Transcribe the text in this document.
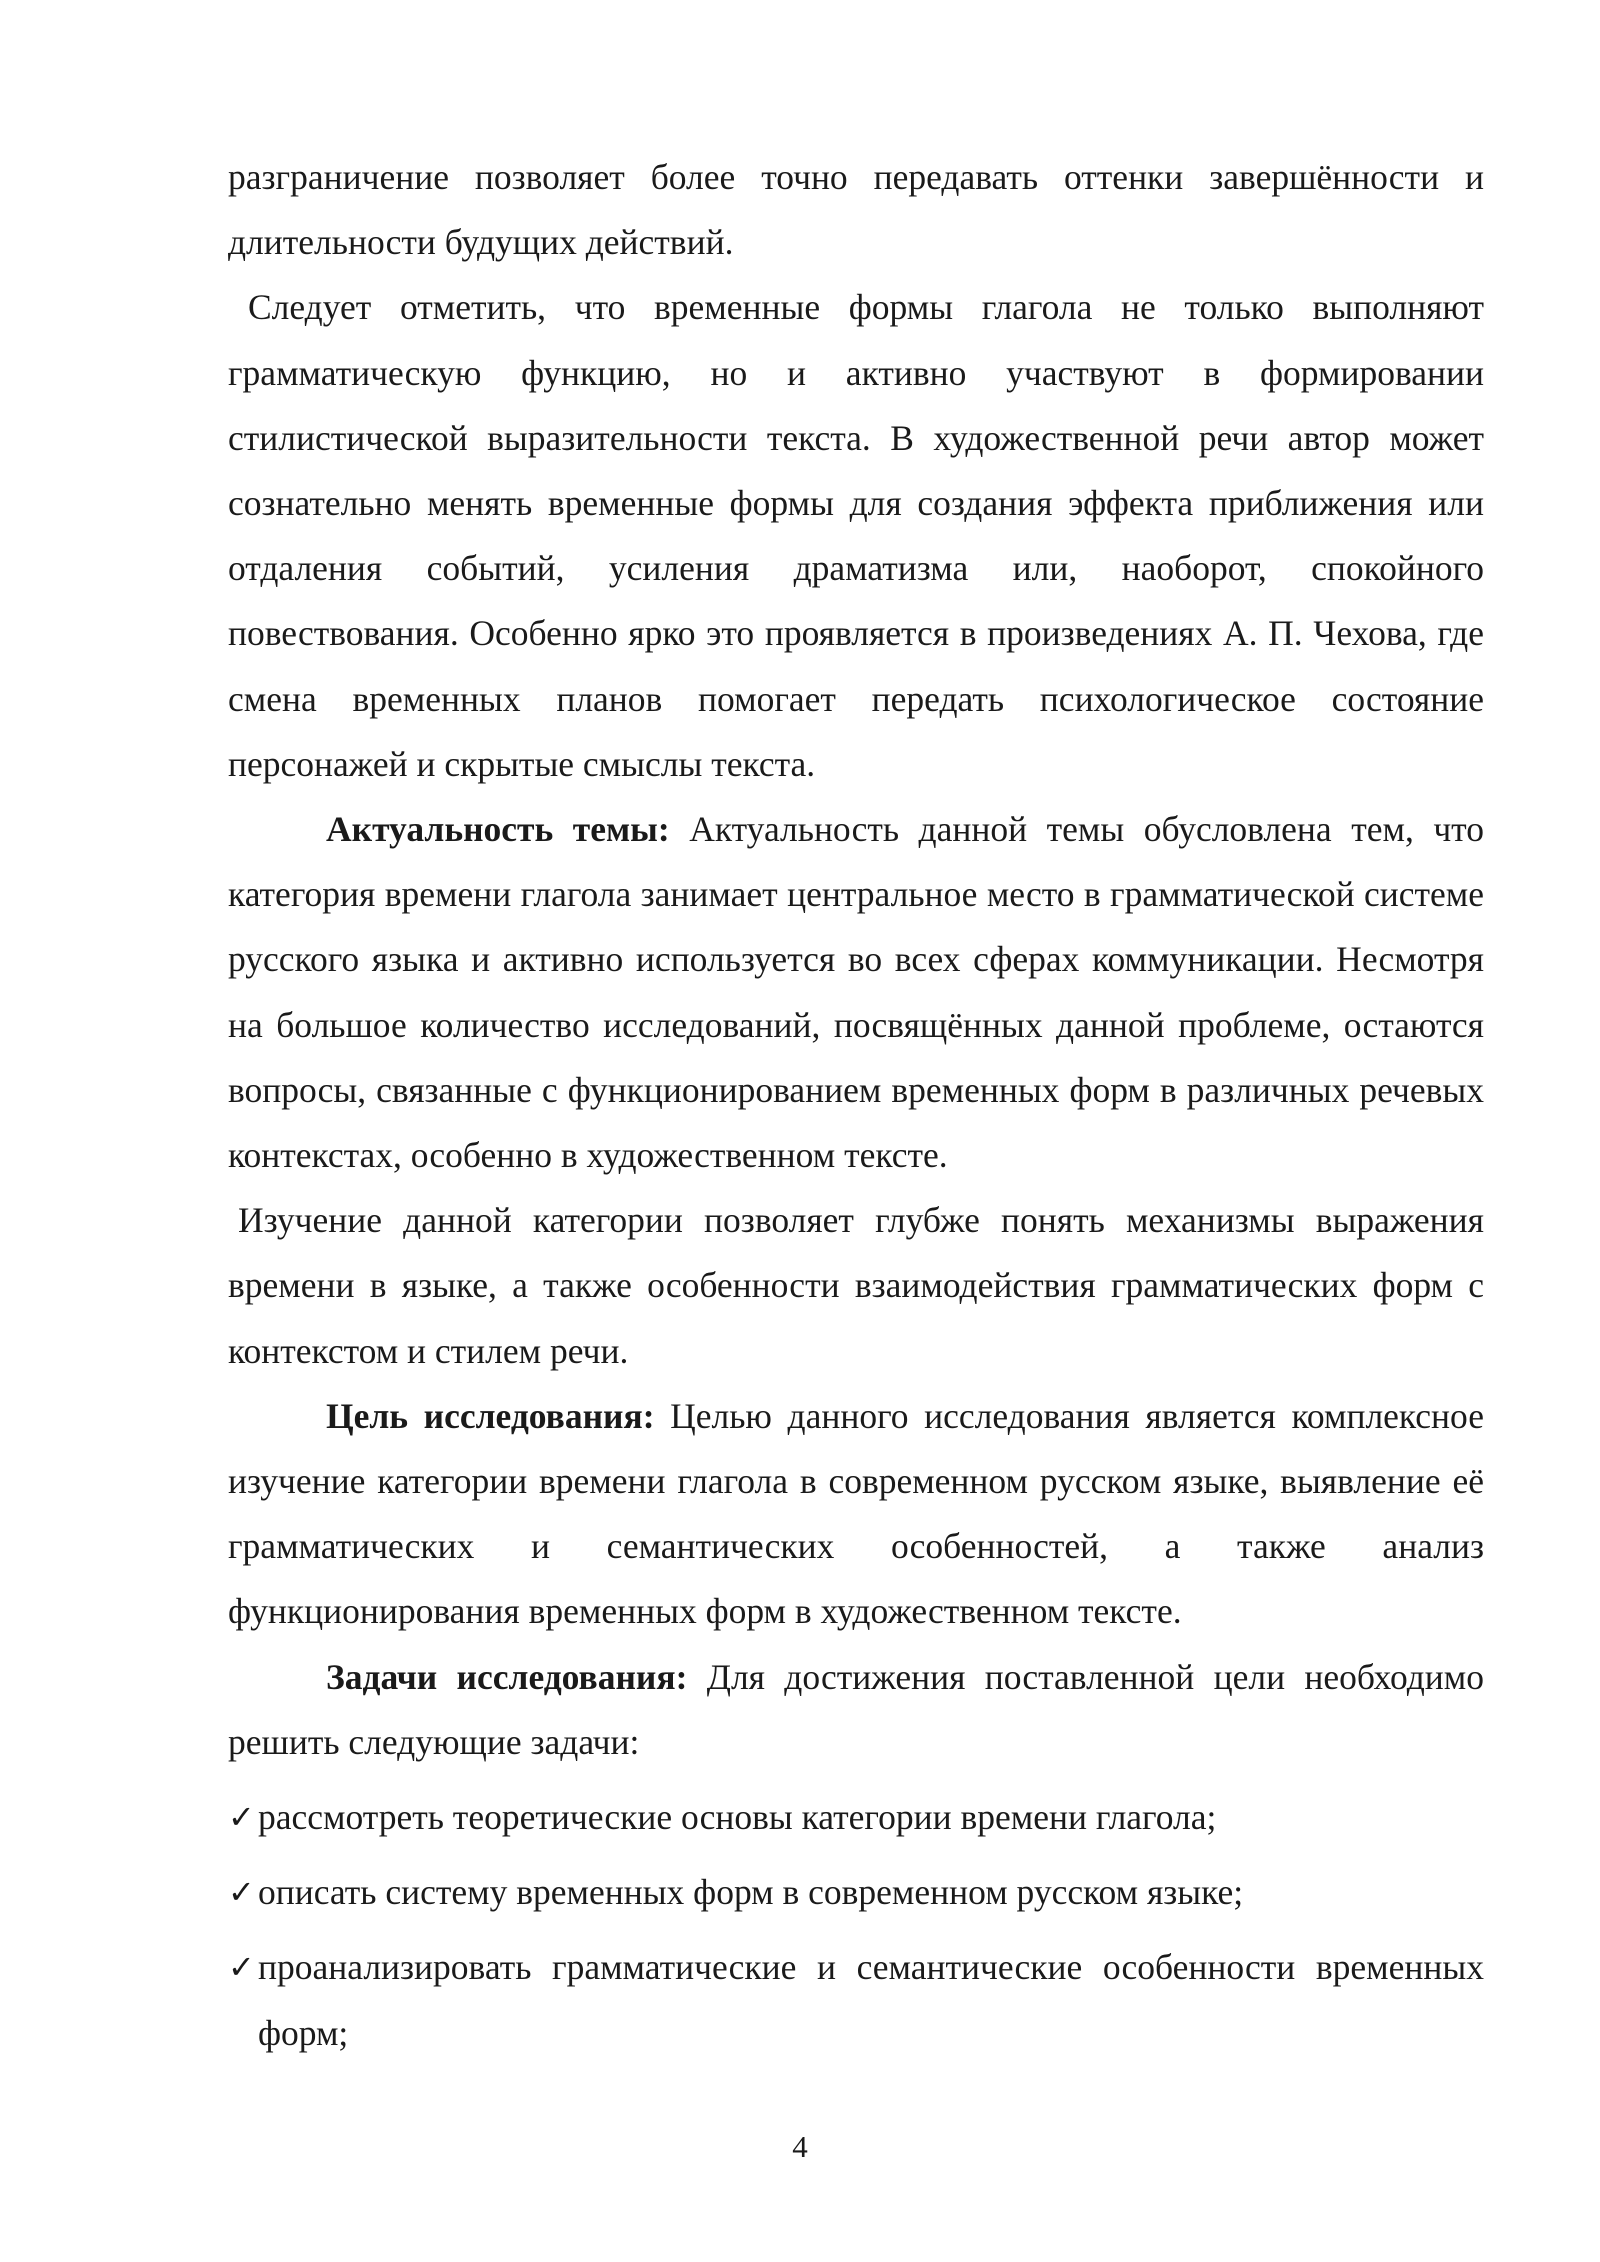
разграничение позволяет более точно передавать оттенки завершённости и длительности будущих действий.

Следует отметить, что временные формы глагола не только выполняют грамматическую функцию, но и активно участвуют в формировании стилистической выразительности текста. В художественной речи автор может сознательно менять временные формы для создания эффекта приближения или отдаления событий, усиления драматизма или, наоборот, спокойного повествования. Особенно ярко это проявляется в произведениях А. П. Чехова, где смена временных планов помогает передать психологическое состояние персонажей и скрытые смыслы текста.

Актуальность темы: Актуальность данной темы обусловлена тем, что категория времени глагола занимает центральное место в грамматической системе русского языка и активно используется во всех сферах коммуникации. Несмотря на большое количество исследований, посвящённых данной проблеме, остаются вопросы, связанные с функционированием временных форм в различных речевых контекстах, особенно в художественном тексте.

Изучение данной категории позволяет глубже понять механизмы выражения времени в языке, а также особенности взаимодействия грамматических форм с контекстом и стилем речи.

Цель исследования: Целью данного исследования является комплексное изучение категории времени глагола в современном русском языке, выявление её грамматических и семантических особенностей, а также анализ функционирования временных форм в художественном тексте.

Задачи исследования: Для достижения поставленной цели необходимо решить следующие задачи:

✓ рассмотреть теоретические основы категории времени глагола;
✓ описать систему временных форм в современном русском языке;
✓ проанализировать грамматические и семантические особенности временных форм;
4
